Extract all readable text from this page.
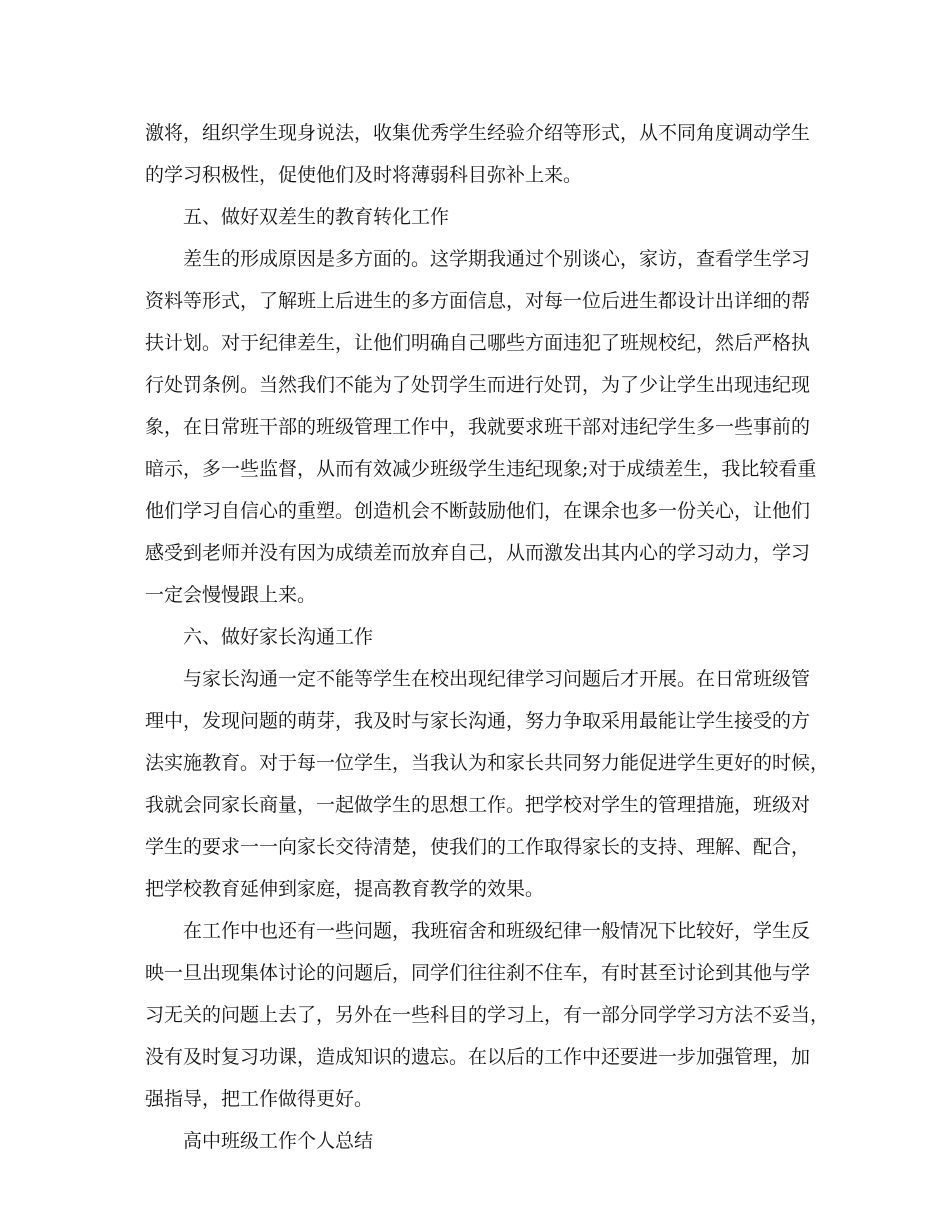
激将，组织学生现身说法，收集优秀学生经验介绍等形式，从不同角度调动学生
的学习积极性，促使他们及时将薄弱科目弥补上来。
五、做好双差生的教育转化工作
差生的形成原因是多方面的。这学期我通过个别谈心，家访，查看学生学习
资料等形式，了解班上后进生的多方面信息，对每一位后进生都设计出详细的帮
扶计划。对于纪律差生，让他们明确自己哪些方面违犯了班规校纪，然后严格执
行处罚条例。当然我们不能为了处罚学生而进行处罚，为了少让学生出现违纪现
象，在日常班干部的班级管理工作中，我就要求班干部对违纪学生多一些事前的
暗示，多一些监督，从而有效减少班级学生违纪现象;对于成绩差生，我比较看重
他们学习自信心的重塑。创造机会不断鼓励他们，在课余也多一份关心，让他们
感受到老师并没有因为成绩差而放弃自己，从而激发出其内心的学习动力，学习
一定会慢慢跟上来。
六、做好家长沟通工作
与家长沟通一定不能等学生在校出现纪律学习问题后才开展。在日常班级管
理中，发现问题的萌芽，我及时与家长沟通，努力争取采用最能让学生接受的方
法实施教育。对于每一位学生，当我认为和家长共同努力能促进学生更好的时候，
我就会同家长商量，一起做学生的思想工作。把学校对学生的管理措施，班级对
学生的要求一一向家长交待清楚，使我们的工作取得家长的支持、理解、配合，
把学校教育延伸到家庭，提高教育教学的效果。
在工作中也还有一些问题，我班宿舍和班级纪律一般情况下比较好，学生反
映一旦出现集体讨论的问题后，同学们往往刹不住车，有时甚至讨论到其他与学
习无关的问题上去了，另外在一些科目的学习上，有一部分同学学习方法不妥当，
没有及时复习功课，造成知识的遗忘。在以后的工作中还要进一步加强管理，加
强指导，把工作做得更好。
高中班级工作个人总结
